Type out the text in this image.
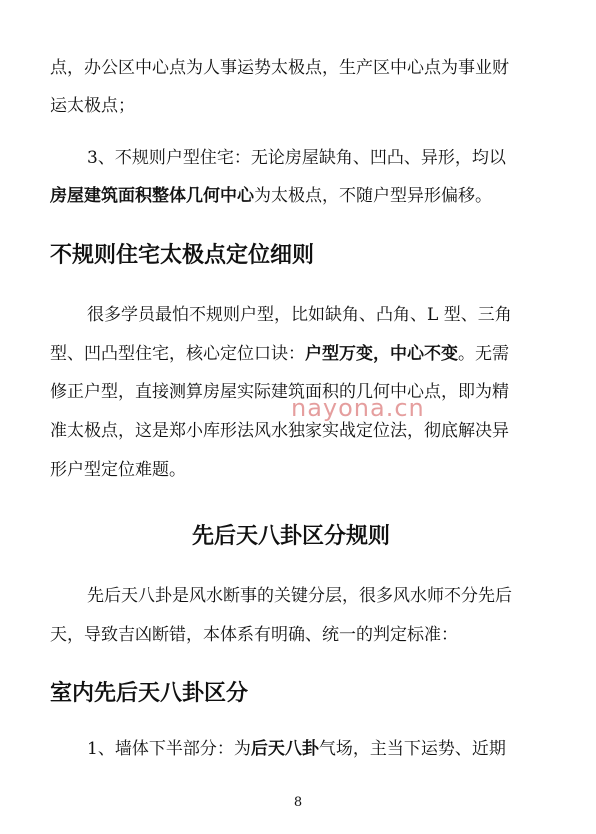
点，办公区中心点为人事运势太极点，生产区中心点为事业财
运太极点；
3、不规则户型住宅：无论房屋缺角、凹凸、异形，均以
房屋建筑面积整体几何中心为太极点，不随户型异形偏移。
不规则住宅太极点定位细则
很多学员最怕不规则户型，比如缺角、凸角、L 型、三角
型、凹凸型住宅，核心定位口诀：户型万变，中心不变。无需
修正户型，直接测算房屋实际建筑面积的几何中心点，即为精
准太极点，这是郑小库形法风水独家实战定位法，彻底解决异
形户型定位难题。
nayona.cn
先后天八卦区分规则
先后天八卦是风水断事的关键分层，很多风水师不分先后
天，导致吉凶断错，本体系有明确、统一的判定标准：
室内先后天八卦区分
1、墙体下半部分：为后天八卦气场，主当下运势、近期
8
